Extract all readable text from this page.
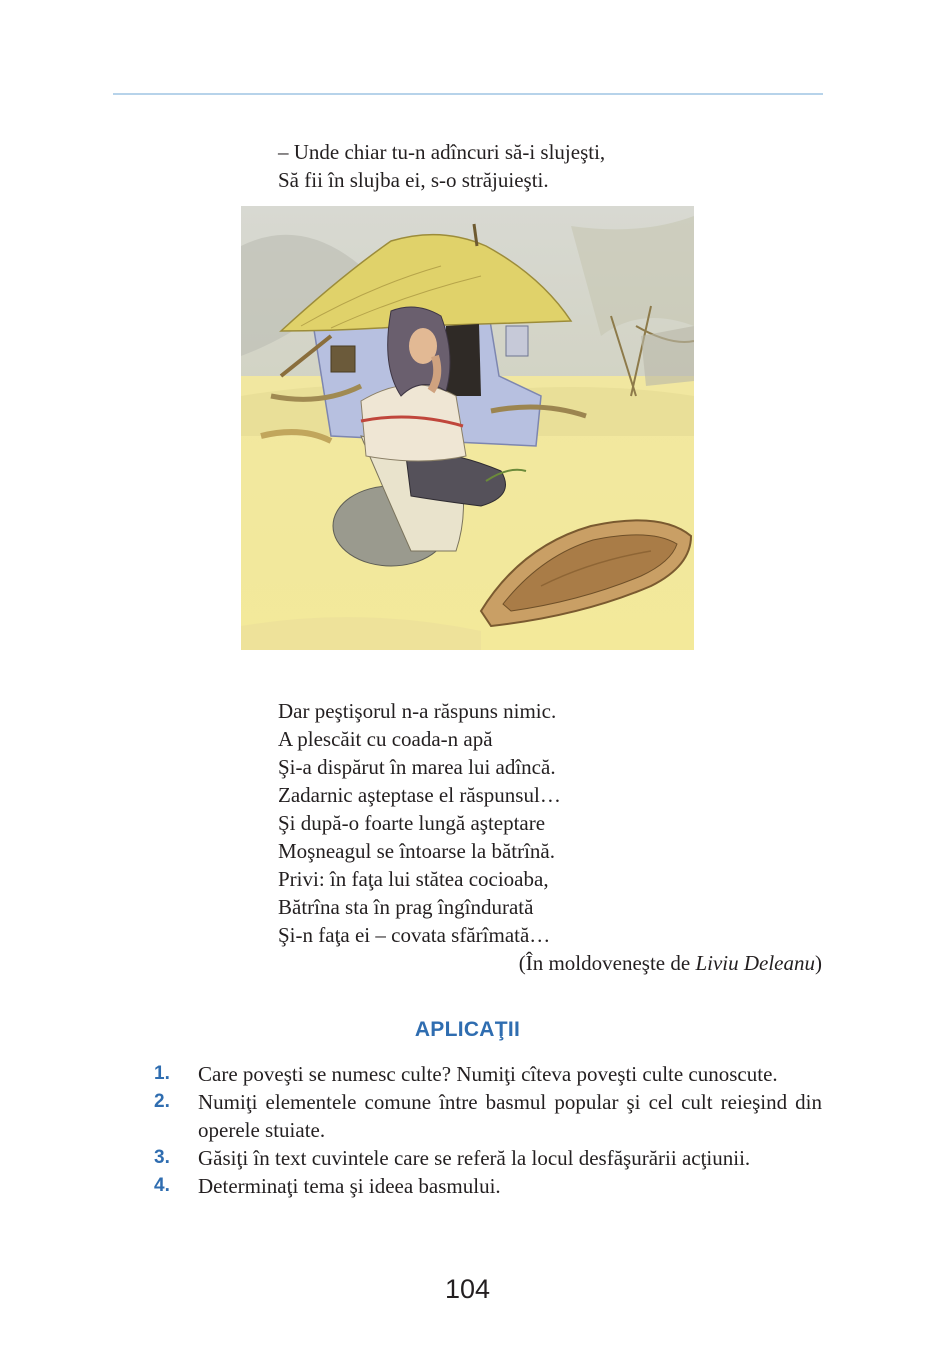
– Unde chiar tu-n adîncuri să-i slujeşti,
Să fii în slujba ei, s-o străjuieşti.
Dar peştişorul n-a răspuns nimic.
A plescăit cu coada-n apă
Şi-a dispărut în marea lui adîncă.
Zadarnic aşteptase el răspunsul…
Şi după-o foarte lungă aşteptare
Moşneagul se întoarse la bătrînă.
Privi: în faţa lui stătea cocioaba,
Bătrîna sta în prag îngîndurată
Şi-n faţa ei – covata sfărîmată…
(În moldoveneşte de Liviu Deleanu)
APLICAŢII
1. Care poveşti se numesc culte? Numiţi cîteva poveşti culte cunoscute.
2. Numiţi elementele comune între basmul popular şi cel cult reieşind din operele stuiate.
3. Găsiţi în text cuvintele care se referă la locul desfăşurării acţiunii.
4. Determinaţi tema şi ideea basmului.
104
